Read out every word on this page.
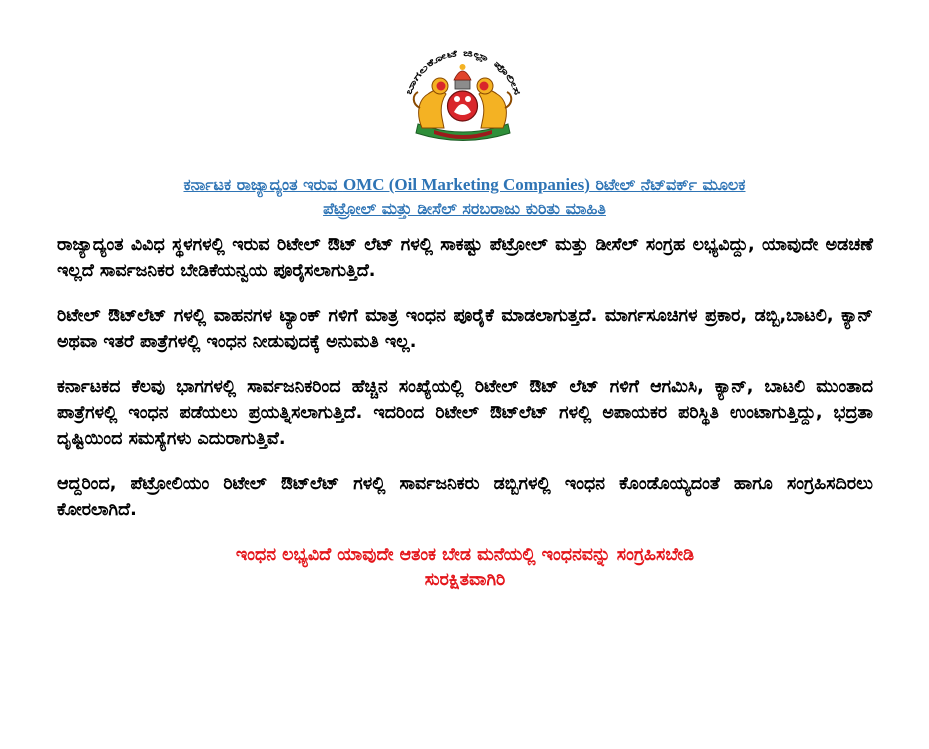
ಬಾಗಲಕೋಟೆ ಜಿಲ್ಲಾ ಪೊಲೀಸ
ಕರ್ನಾಟಕ ರಾಜ್ಯಾದ್ಯಂತ ಇರುವ OMC (Oil Marketing Companies) ರಿಟೇಲ್ ನೆಟ್‌ವರ್ಕ್ ಮೂಲಕ
ಪೆಟ್ರೋಲ್ ಮತ್ತು ಡೀಸೆಲ್ ಸರಬರಾಜು ಕುರಿತು ಮಾಹಿತಿ

ರಾಜ್ಯಾದ್ಯಂತ ವಿವಿಧ ಸ್ಥಳಗಳಲ್ಲಿ ಇರುವ ರಿಟೇಲ್ ಔಟ್ ಲೆಟ್ ಗಳಲ್ಲಿ ಸಾಕಷ್ಟು ಪೆಟ್ರೋಲ್ ಮತ್ತು ಡೀಸೆಲ್ ಸಂಗ್ರಹ ಲಭ್ಯವಿದ್ದು, ಯಾವುದೇ ಅಡಚಣೆ ಇಲ್ಲದೆ ಸಾರ್ವಜನಿಕರ ಬೇಡಿಕೆಯನ್ವಯ ಪೂರೈಸಲಾಗುತ್ತಿದೆ.

ರಿಟೇಲ್ ಔಟ್‌ಲೆಟ್ ಗಳಲ್ಲಿ ವಾಹನಗಳ ಟ್ಯಾಂಕ್ ಗಳಿಗೆ ಮಾತ್ರ ಇಂಧನ ಪೂರೈಕೆ ಮಾಡಲಾಗುತ್ತದೆ. ಮಾರ್ಗಸೂಚಿಗಳ ಪ್ರಕಾರ, ಡಬ್ಬಿ,ಬಾಟಲಿ, ಕ್ಯಾನ್ ಅಥವಾ ಇತರೆ ಪಾತ್ರೆಗಳಲ್ಲಿ ಇಂಧನ ನೀಡುವುದಕ್ಕೆ ಅನುಮತಿ ಇಲ್ಲ.

ಕರ್ನಾಟಕದ ಕೆಲವು ಭಾಗಗಳಲ್ಲಿ ಸಾರ್ವಜನಿಕರಿಂದ ಹೆಚ್ಚಿನ ಸಂಖ್ಯೆಯಲ್ಲಿ ರಿಟೇಲ್ ಔಟ್ ಲೆಟ್ ಗಳಿಗೆ ಆಗಮಿಸಿ, ಕ್ಯಾನ್, ಬಾಟಲಿ ಮುಂತಾದ ಪಾತ್ರೆಗಳಲ್ಲಿ ಇಂಧನ ಪಡೆಯಲು ಪ್ರಯತ್ನಿಸಲಾಗುತ್ತಿದೆ. ಇದರಿಂದ ರಿಟೇಲ್ ಔಟ್‌ಲೆಟ್ ಗಳಲ್ಲಿ ಅಪಾಯಕರ ಪರಿಸ್ಥಿತಿ ಉಂಟಾಗುತ್ತಿದ್ದು, ಭದ್ರತಾ ದೃಷ್ಟಿಯಿಂದ ಸಮಸ್ಯೆಗಳು ಎದುರಾಗುತ್ತಿವೆ.

ಆದ್ದರಿಂದ, ಪೆಟ್ರೋಲಿಯಂ ರಿಟೇಲ್ ಔಟ್‌ಲೆಟ್ ಗಳಲ್ಲಿ ಸಾರ್ವಜನಿಕರು ಡಬ್ಬಿಗಳಲ್ಲಿ ಇಂಧನ ಕೊಂಡೊಯ್ಯದಂತೆ ಹಾಗೂ ಸಂಗ್ರಹಿಸದಿರಲು ಕೋರಲಾಗಿದೆ.

ಇಂಧನ ಲಭ್ಯವಿದೆ ಯಾವುದೇ ಆತಂಕ ಬೇಡ ಮನೆಯಲ್ಲಿ ಇಂಧನವನ್ನು ಸಂಗ್ರಹಿಸಬೇಡಿ
ಸುರಕ್ಷಿತವಾಗಿರಿ
